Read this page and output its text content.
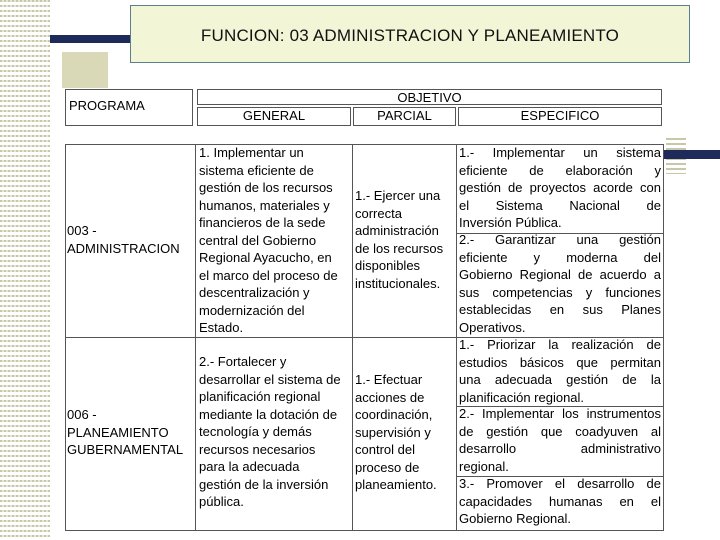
FUNCION: 03 ADMINISTRACION Y PLANEAMIENTO
PROGRAMA
OBJETIVO
GENERAL	PARCIAL	ESPECIFICO
003 -
ADMINISTRACION
1. Implementar un
sistema eficiente de
gestión de los recursos
humanos, materiales y
financieros de la sede
central del Gobierno
Regional Ayacucho, en
el marco del proceso de
descentralización y
modernización del
Estado.
1.- Ejercer una
correcta
administración
de los recursos
disponibles
institucionales.
1.- Implementar un sistema
eficiente de elaboración y
gestión de proyectos acorde con
el Sistema Nacional de
Inversión Pública.
2.- Garantizar una gestión
eficiente y moderna del
Gobierno Regional de acuerdo a
sus competencias y funciones
establecidas en sus Planes
Operativos.
006 -
PLANEAMIENTO
GUBERNAMENTAL
2.- Fortalecer y
desarrollar el sistema de
planificación regional
mediante la dotación de
tecnología y demás
recursos necesarios
para la adecuada
gestión de la inversión
pública.
1.- Efectuar
acciones de
coordinación,
supervisión y
control del
proceso de
planeamiento.
1.- Priorizar la realización de
estudios básicos que permitan
una adecuada gestión de la
planificación regional.
2.- Implementar los instrumentos
de gestión que coadyuven al
desarrollo administrativo
regional.
3.- Promover el desarrollo de
capacidades humanas en el
Gobierno Regional.
